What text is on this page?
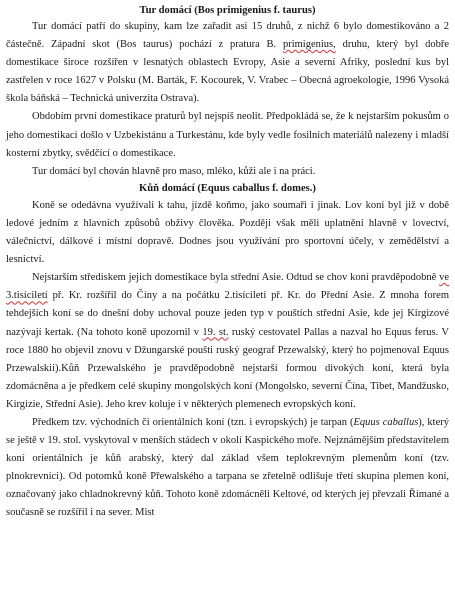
Tur domácí (Bos primigenius f. taurus)

Tur domácí patří do skupiny, kam lze zařadit asi 15 druhů, z nichž 6 bylo domestikováno a 2 částečně. Západní skot (Bos taurus) pochází z pratura B. primigenius, druhu, který byl dobře domestikace široce rozšířen v lesnatých oblastech Evropy, Asie a severní Afriky, poslední kus byl zastřelen v roce 1627 v Polsku (M. Barták, F. Kocourek, V. Vrabec – Obecná agroekologie, 1996 Vysoká škola báňská – Technická univerzita Ostrava).

Obdobím první domestikace praturů byl nejspíš neolit. Předpokládá se, že k nejstarším pokusům o jeho domestikaci došlo v Uzbekistánu a Turkestánu, kde byly vedle fosilních materiálů nalezeny i mladší kosterní zbytky, svědčící o domestikace.

Tur domácí byl chován hlavně pro maso, mléko, kůži ale i na práci.

Kůň domácí (Equus caballus f. domes.)

Koně se odedávna využívali k tahu, jízdě koňmo, jako soumaři i jinak. Lov koní byl již v době ledové jedním z hlavních způsobů obživy člověka. Později však měli uplatnění hlavně v lovectví, válečnictví, dálkové i místní dopravě. Dodnes jsou využívání pro sportovní účely, v zemědělství a lesnictví.

Nejstarším střediskem jejich domestikace byla střední Asie. Odtud se chov koní pravděpodobně ve 3.tisíciletí př. Kr. rozšířil do Číny a na počátku 2.tisíciletí př. Kr. do Přední Asie. Z mnoha forem tehdejších koní se do dnešní doby uchoval pouze jeden typ v pouštích střední Asie, kde jej Kirgizové nazývají kertak. (Na tohoto koně upozornil v 19. st. ruský cestovatel Pallas a nazval ho Equus ferus. V roce 1880 ho objevil znovu v Džungarské poušti ruský geograf Przewalský, který ho pojmenoval Equus Przewalskii).Kůň Przewalského je pravděpodobně nejstarší formou divokých koní, která byla zdomácněna a je předkem celé skupiny mongolských koní (Mongolsko, severní Čína, Tibet, Mandžusko, Kirgizie, Střední Asie). Jeho krev koluje i v některých plemenech evropských koní.

Předkem tzv. východních či orientálních koní (tzn. i evropských) je tarpan (Equus caballus), který se ještě v 19. stol. vyskytoval v menších stádech v okolí Kaspického moře. Nejznámějším představitelem koní orientálních je kůň arabský, který dal základ všem teplokrevným plemenům koní (tzv. plnokrevníci). Od potomků koně Přewalského a tarpana se zřetelně odlišuje třetí skupina plemen koní, označovaný jako chladnokrevný kůň. Tohoto koně zdomácněli Keltové, od kterých jej převzali Římané a současně se rozšířil i na sever. Mist
